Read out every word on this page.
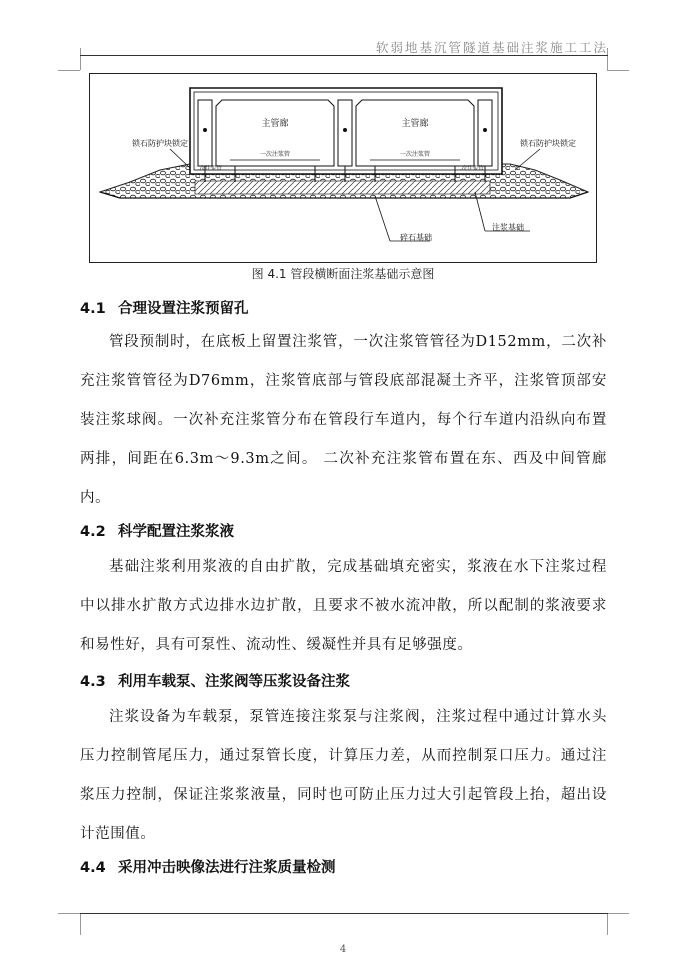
软弱地基沉管隧道基础注浆施工工法
主管廊	主管廊
一次注浆管	一次注浆管
二次注浆管	二次注浆管
锁石防护块锁定	锁石防护块锁定
碎石基础
注浆基础
图 4.1 管段横断面注浆基础示意图
4.1 合理设置注浆预留孔
管段预制时，在底板上留置注浆管，一次注浆管管径为D152mm，二次补充注浆管管径为D76mm，注浆管底部与管段底部混凝土齐平，注浆管顶部安装注浆球阀。一次补充注浆管分布在管段行车道内，每个行车道内沿纵向布置两排，间距在6.3m～9.3m之间。 二次补充注浆管布置在东、西及中间管廊内。
4.2 科学配置注浆浆液
基础注浆利用浆液的自由扩散，完成基础填充密实，浆液在水下注浆过程中以排水扩散方式边排水边扩散，且要求不被水流冲散，所以配制的浆液要求和易性好，具有可泵性、流动性、缓凝性并具有足够强度。
4.3 利用车载泵、注浆阀等压浆设备注浆
注浆设备为车载泵，泵管连接注浆泵与注浆阀，注浆过程中通过计算水头压力控制管尾压力，通过泵管长度，计算压力差，从而控制泵口压力。通过注浆压力控制，保证注浆浆液量，同时也可防止压力过大引起管段上抬，超出设计范围值。
4.4 采用冲击映像法进行注浆质量检测
4
